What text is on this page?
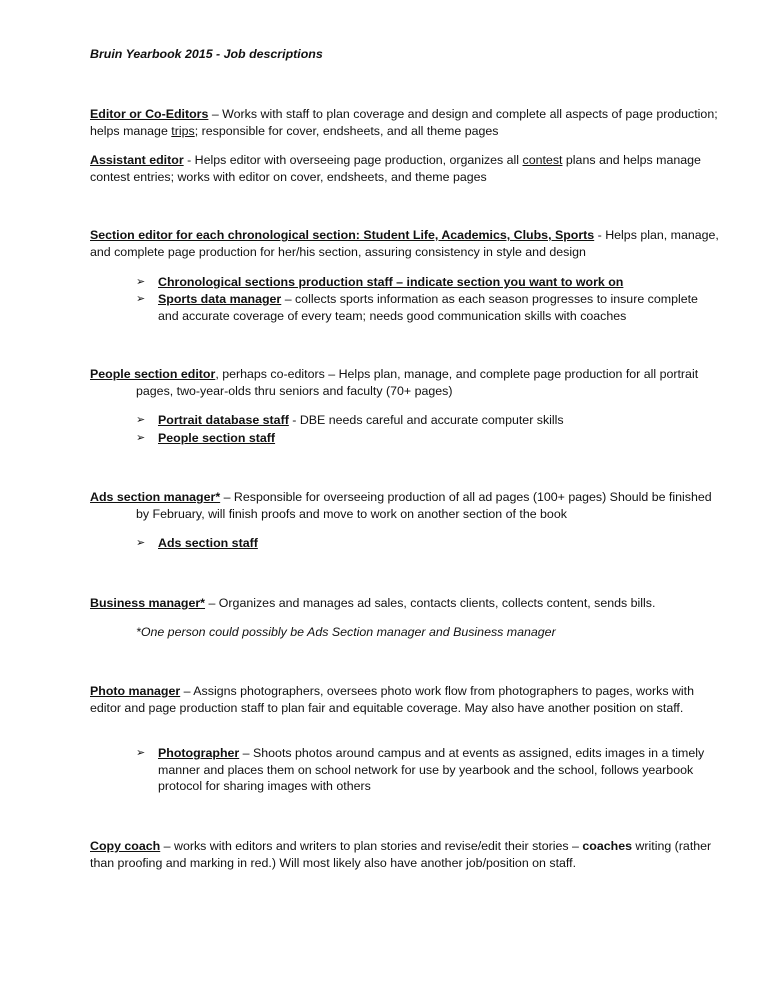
Bruin Yearbook 2015 - Job descriptions
Editor or Co-Editors – Works with staff to plan coverage and design and complete all aspects of page production; helps manage trips; responsible for cover, endsheets, and all theme pages
Assistant editor - Helps editor with overseeing page production, organizes all contest plans and helps manage contest entries; works with editor on cover, endsheets, and theme pages
Section editor for each chronological section: Student Life, Academics, Clubs, Sports - Helps plan, manage, and complete page production for her/his section, assuring consistency in style and design
➢	Chronological sections production staff – indicate section you want to work on
➢	Sports data manager – collects sports information as each season progresses to insure complete and accurate coverage of every team; needs good communication skills with coaches
People section editor, perhaps co-editors – Helps plan, manage, and complete page production for all portrait pages, two-year-olds thru seniors and faculty (70+ pages)
➢	Portrait database staff - DBE needs careful and accurate computer skills
➢	People section staff
Ads section manager* – Responsible for overseeing production of all ad pages (100+ pages) Should be finished by February, will finish proofs and move to work on another section of the book
➢	Ads section staff
Business manager* – Organizes and manages ad sales, contacts clients, collects content, sends bills.
*One person could possibly be Ads Section manager and Business manager
Photo manager – Assigns photographers, oversees photo work flow from photographers to pages, works with editor and page production staff to plan fair and equitable coverage. May also have another position on staff.
➢	Photographer – Shoots photos around campus and at events as assigned, edits images in a timely manner and places them on school network for use by yearbook and the school, follows yearbook protocol for sharing images with others
Copy coach – works with editors and writers to plan stories and revise/edit their stories – coaches writing (rather than proofing and marking in red.) Will most likely also have another job/position on staff.
